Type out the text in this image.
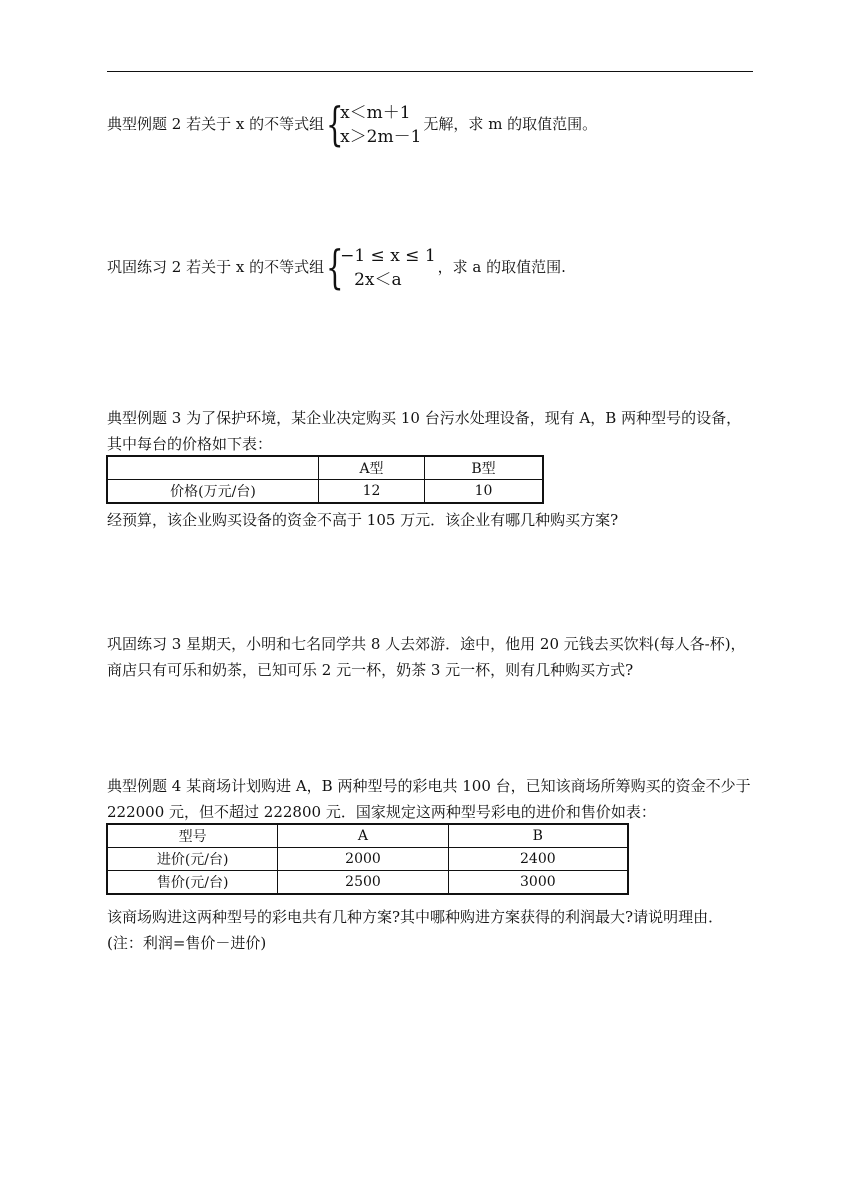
典型例题 2 若关于 x 的不等式组 {
x＜m＋1
x＞2m－1
无解，求 m 的取值范围。
巩固练习 2 若关于 x 的不等式组 {
−1 ≤ x ≤ 1
2x＜a
，求 a 的取值范围.
典型例题 3 为了保护环境，某企业决定购买 10 台污水处理设备，现有 A，B 两种型号的设备，其中每台的价格如下表：
	A型	B型
价格(万元/台)	12	10
经预算，该企业购买设备的资金不高于 105 万元．该企业有哪几种购买方案?
巩固练习 3 星期天，小明和七名同学共 8 人去郊游．途中，他用 20 元钱去买饮料(每人各-杯)，商店只有可乐和奶茶，已知可乐 2 元一杯，奶茶 3 元一杯，则有几种购买方式?
典型例题 4 某商场计划购进 A，B 两种型号的彩电共 100 台，已知该商场所筹购买的资金不少于 222000 元，但不超过 222800 元．国家规定这两种型号彩电的进价和售价如表：
型号	A	B
进价(元/台)	2000	2400
售价(元/台)	2500	3000
该商场购进这两种型号的彩电共有几种方案?其中哪种购进方案获得的利润最大?请说明理由．(注：利润=售价－进价)
